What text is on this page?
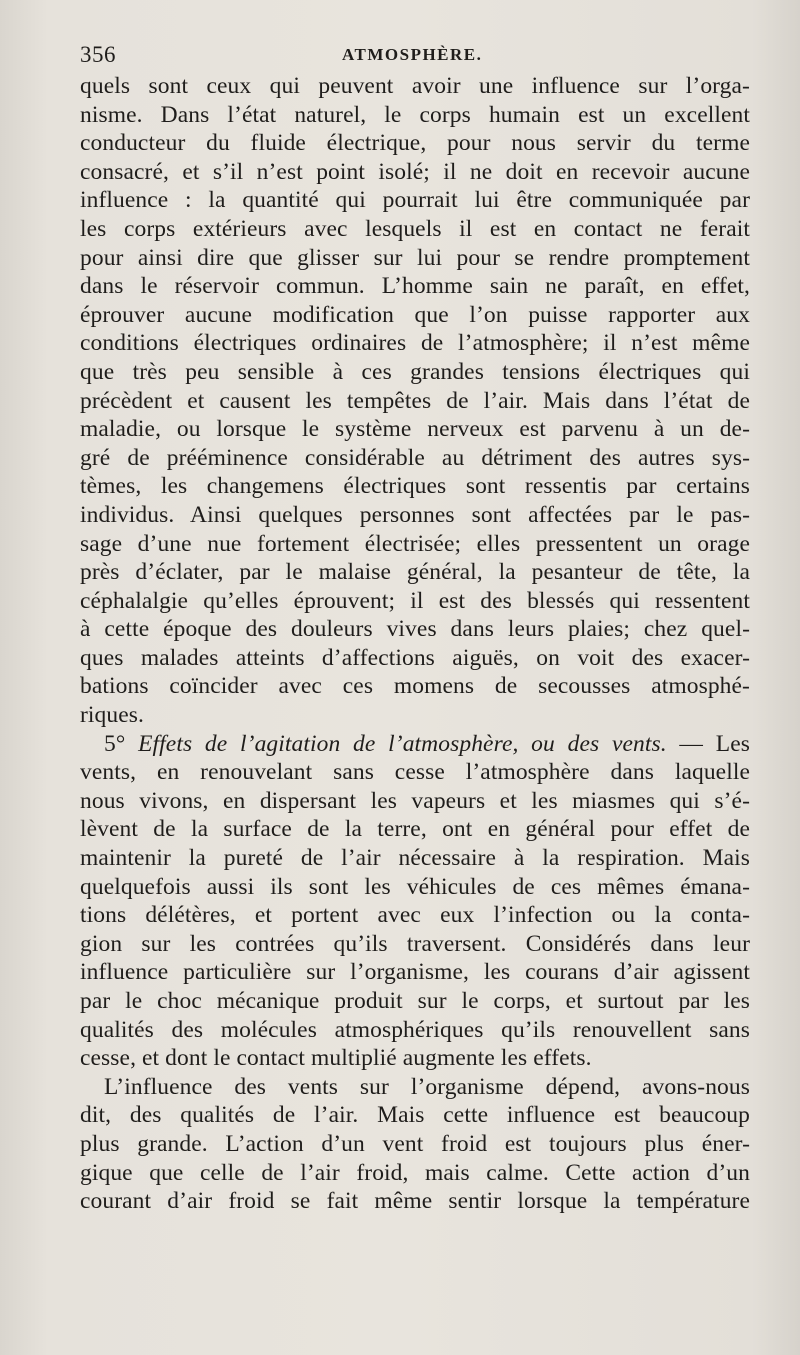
356	ATMOSPHÈRE.
quels sont ceux qui peuvent avoir une influence sur l’orga-
nisme. Dans l’état naturel, le corps humain est un excellent
conducteur du fluide électrique, pour nous servir du terme
consacré, et s’il n’est point isolé; il ne doit en recevoir aucune
influence : la quantité qui pourrait lui être communiquée par
les corps extérieurs avec lesquels il est en contact ne ferait
pour ainsi dire que glisser sur lui pour se rendre promptement
dans le réservoir commun. L’homme sain ne paraît, en effet,
éprouver aucune modification que l’on puisse rapporter aux
conditions électriques ordinaires de l’atmosphère; il n’est même
que très peu sensible à ces grandes tensions électriques qui
précèdent et causent les tempêtes de l’air. Mais dans l’état de
maladie, ou lorsque le système nerveux est parvenu à un de-
gré de prééminence considérable au détriment des autres sys-
tèmes, les changemens électriques sont ressentis par certains
individus. Ainsi quelques personnes sont affectées par le pas-
sage d’une nue fortement électrisée; elles pressentent un orage
près d’éclater, par le malaise général, la pesanteur de tête, la
céphalalgie qu’elles éprouvent; il est des blessés qui ressentent
à cette époque des douleurs vives dans leurs plaies; chez quel-
ques malades atteints d’affections aiguës, on voit des exacer-
bations coïncider avec ces momens de secousses atmosphé-
riques.
5° Effets de l’agitation de l’atmosphère, ou des vents. — Les
vents, en renouvelant sans cesse l’atmosphère dans laquelle
nous vivons, en dispersant les vapeurs et les miasmes qui s’é-
lèvent de la surface de la terre, ont en général pour effet de
maintenir la pureté de l’air nécessaire à la respiration. Mais
quelquefois aussi ils sont les véhicules de ces mêmes émana-
tions délétères, et portent avec eux l’infection ou la conta-
gion sur les contrées qu’ils traversent. Considérés dans leur
influence particulière sur l’organisme, les courans d’air agissent
par le choc mécanique produit sur le corps, et surtout par les
qualités des molécules atmosphériques qu’ils renouvellent sans
cesse, et dont le contact multiplié augmente les effets.
L’influence des vents sur l’organisme dépend, avons-nous
dit, des qualités de l’air. Mais cette influence est beaucoup
plus grande. L’action d’un vent froid est toujours plus éner-
gique que celle de l’air froid, mais calme. Cette action d’un
courant d’air froid se fait même sentir lorsque la température
